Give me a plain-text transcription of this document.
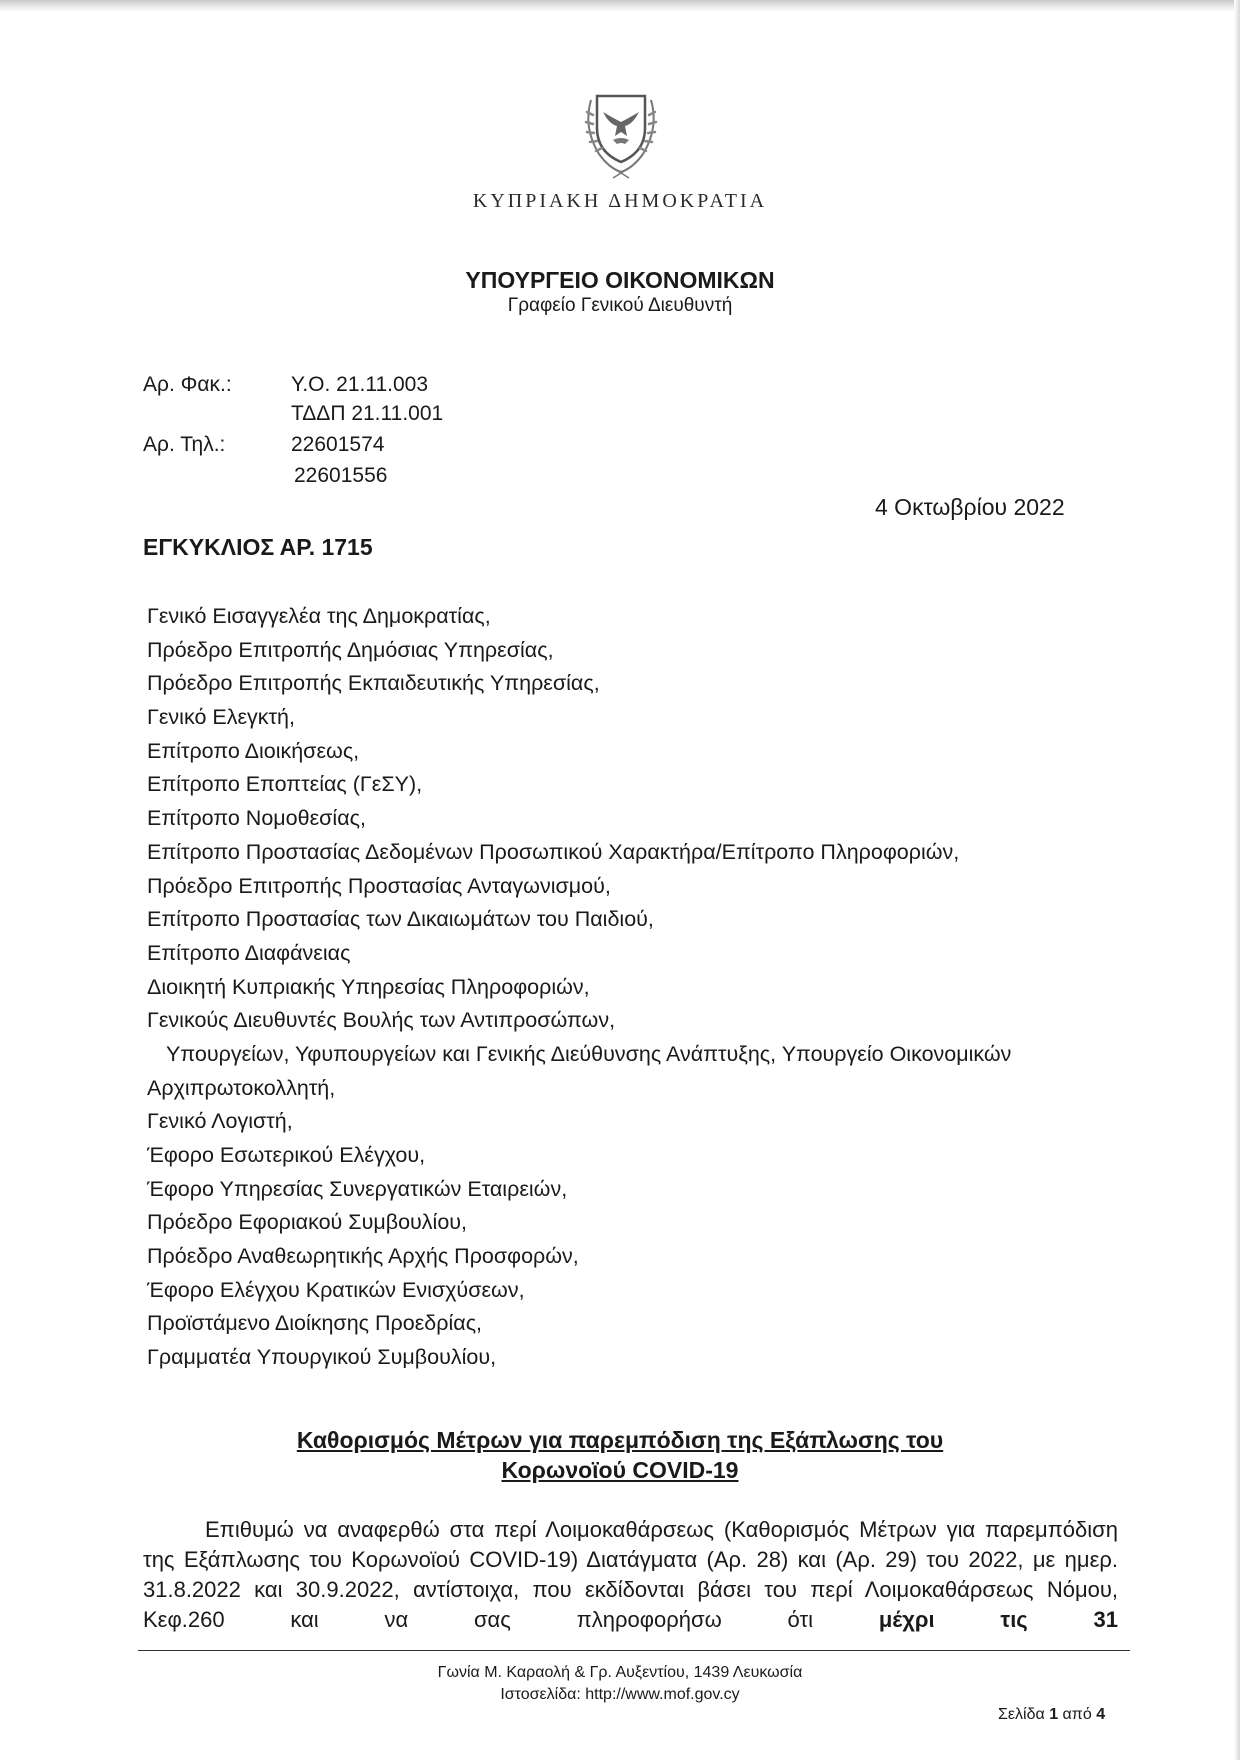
ΚΥΠΡΙΑΚΗ ΔΗΜΟΚΡΑΤΙΑ
ΥΠΟΥΡΓΕΙΟ ΟΙΚΟΝΟΜΙΚΩΝ
Γραφείο Γενικού Διευθυντή
Αρ. Φακ.:	Υ.Ο. 21.11.003
ΤΔΔΠ 21.11.001
Αρ. Τηλ.:	22601574
22601556
4 Οκτωβρίου 2022
ΕΓΚΥΚΛΙΟΣ ΑΡ. 1715
Γενικό Εισαγγελέα της Δημοκρατίας,
Πρόεδρο Επιτροπής Δημόσιας Υπηρεσίας,
Πρόεδρο Επιτροπής Εκπαιδευτικής Υπηρεσίας,
Γενικό Ελεγκτή,
Επίτροπο Διοικήσεως,
Επίτροπο Εποπτείας (ΓεΣΥ),
Επίτροπο Νομοθεσίας,
Επίτροπο Προστασίας Δεδομένων Προσωπικού Χαρακτήρα/Επίτροπο Πληροφοριών,
Πρόεδρο Επιτροπής Προστασίας Ανταγωνισμού,
Επίτροπο Προστασίας των Δικαιωμάτων του Παιδιού,
Επίτροπο Διαφάνειας
Διοικητή Κυπριακής Υπηρεσίας Πληροφοριών,
Γενικούς Διευθυντές Βουλής των Αντιπροσώπων,
Υπουργείων, Υφυπουργείων και Γενικής Διεύθυνσης Ανάπτυξης, Υπουργείο Οικονομικών
Αρχιπρωτοκολλητή,
Γενικό Λογιστή,
Έφορο Εσωτερικού Ελέγχου,
Έφορο Υπηρεσίας Συνεργατικών Εταιρειών,
Πρόεδρο Εφοριακού Συμβουλίου,
Πρόεδρο Αναθεωρητικής Αρχής Προσφορών,
Έφορο Ελέγχου Κρατικών Ενισχύσεων,
Προϊστάμενο Διοίκησης Προεδρίας,
Γραμματέα Υπουργικού Συμβουλίου,
Καθορισμός Μέτρων για παρεμπόδιση της Εξάπλωσης του
Κορωνοϊού COVID-19
Επιθυμώ να αναφερθώ στα περί Λοιμοκαθάρσεως (Καθορισμός Μέτρων για παρεμπόδιση της Εξάπλωσης του Κορωνοϊού COVID-19) Διατάγματα (Αρ. 28) και (Αρ. 29) του 2022, με ημερ. 31.8.2022 και 30.9.2022, αντίστοιχα, που εκδίδονται βάσει του περί Λοιμοκαθάρσεως Νόμου, Κεφ.260 και να σας πληροφορήσω ότι μέχρι τις 31
Γωνία Μ. Καραολή & Γρ. Αυξεντίου, 1439 Λευκωσία
Ιστοσελίδα: http://www.mof.gov.cy
Σελίδα 1 από 4
